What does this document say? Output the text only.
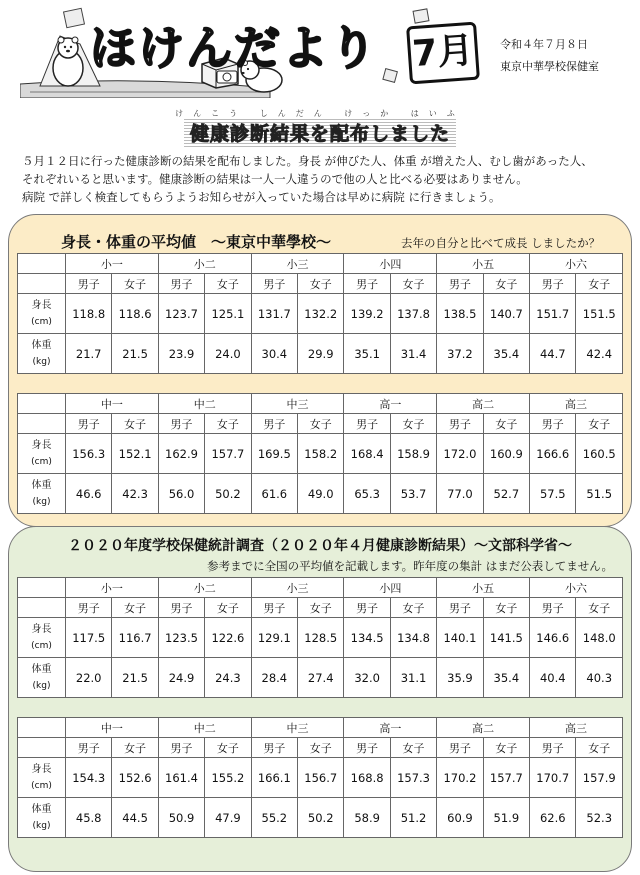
ほけんだより 7月	令和４年７月８日
東京中華學校保健室
けんこう しんだん けっか はいふ
健康診断結果を配布しました

５月１２日に行った健康診断の結果を配布しました。身長 が伸びた人、体重 が増えた人、むし歯があった人、

それぞれいると思います。健康診断の結果は一人一人違うので他の人と比べる必要はありません。

病院 で詳しく検査してもらうようお知らせが入っていた場合は早めに病院 に行きましょう。

身長・体重の平均値　～東京中華學校～	去年の自分と比べて成長 しましたか？
	小一		小二		小三		小四		小五		小六	
	男子	女子	男子	女子	男子	女子	男子	女子	男子	女子	男子	女子
身長
(cm)	118.8	118.6	123.7	125.1	131.7	132.2	139.2	137.8	138.5	140.7	151.7	151.5
体重
(kg)	21.7	21.5	23.9	24.0	30.4	29.9	35.1	31.4	37.2	35.4	44.7	42.4
	中一		中二		中三		高一		高二		高三	
	男子	女子	男子	女子	男子	女子	男子	女子	男子	女子	男子	女子
身長
(cm)	156.3	152.1	162.9	157.7	169.5	158.2	168.4	158.9	172.0	160.9	166.6	160.5
体重
(kg)	46.6	42.3	56.0	50.2	61.6	49.0	65.3	53.7	77.0	52.7	57.5	51.5
２０２０年度学校保健統計調査（２０２０年４月健康診断結果）～文部科学省～
参考までに全国の平均値を記載します。昨年度の集計 はまだ公表してません。
	小一		小二		小三		小四		小五		小六	
	男子	女子	男子	女子	男子	女子	男子	女子	男子	女子	男子	女子
身長
(cm)	117.5	116.7	123.5	122.6	129.1	128.5	134.5	134.8	140.1	141.5	146.6	148.0
体重
(kg)	22.0	21.5	24.9	24.3	28.4	27.4	32.0	31.1	35.9	35.4	40.4	40.3
	中一		中二		中三		高一		高二		高三	
	男子	女子	男子	女子	男子	女子	男子	女子	男子	女子	男子	女子
身長
(cm)	154.3	152.6	161.4	155.2	166.1	156.7	168.8	157.3	170.2	157.7	170.7	157.9
体重
(kg)	45.8	44.5	50.9	47.9	55.2	50.2	58.9	51.2	60.9	51.9	62.6	52.3
